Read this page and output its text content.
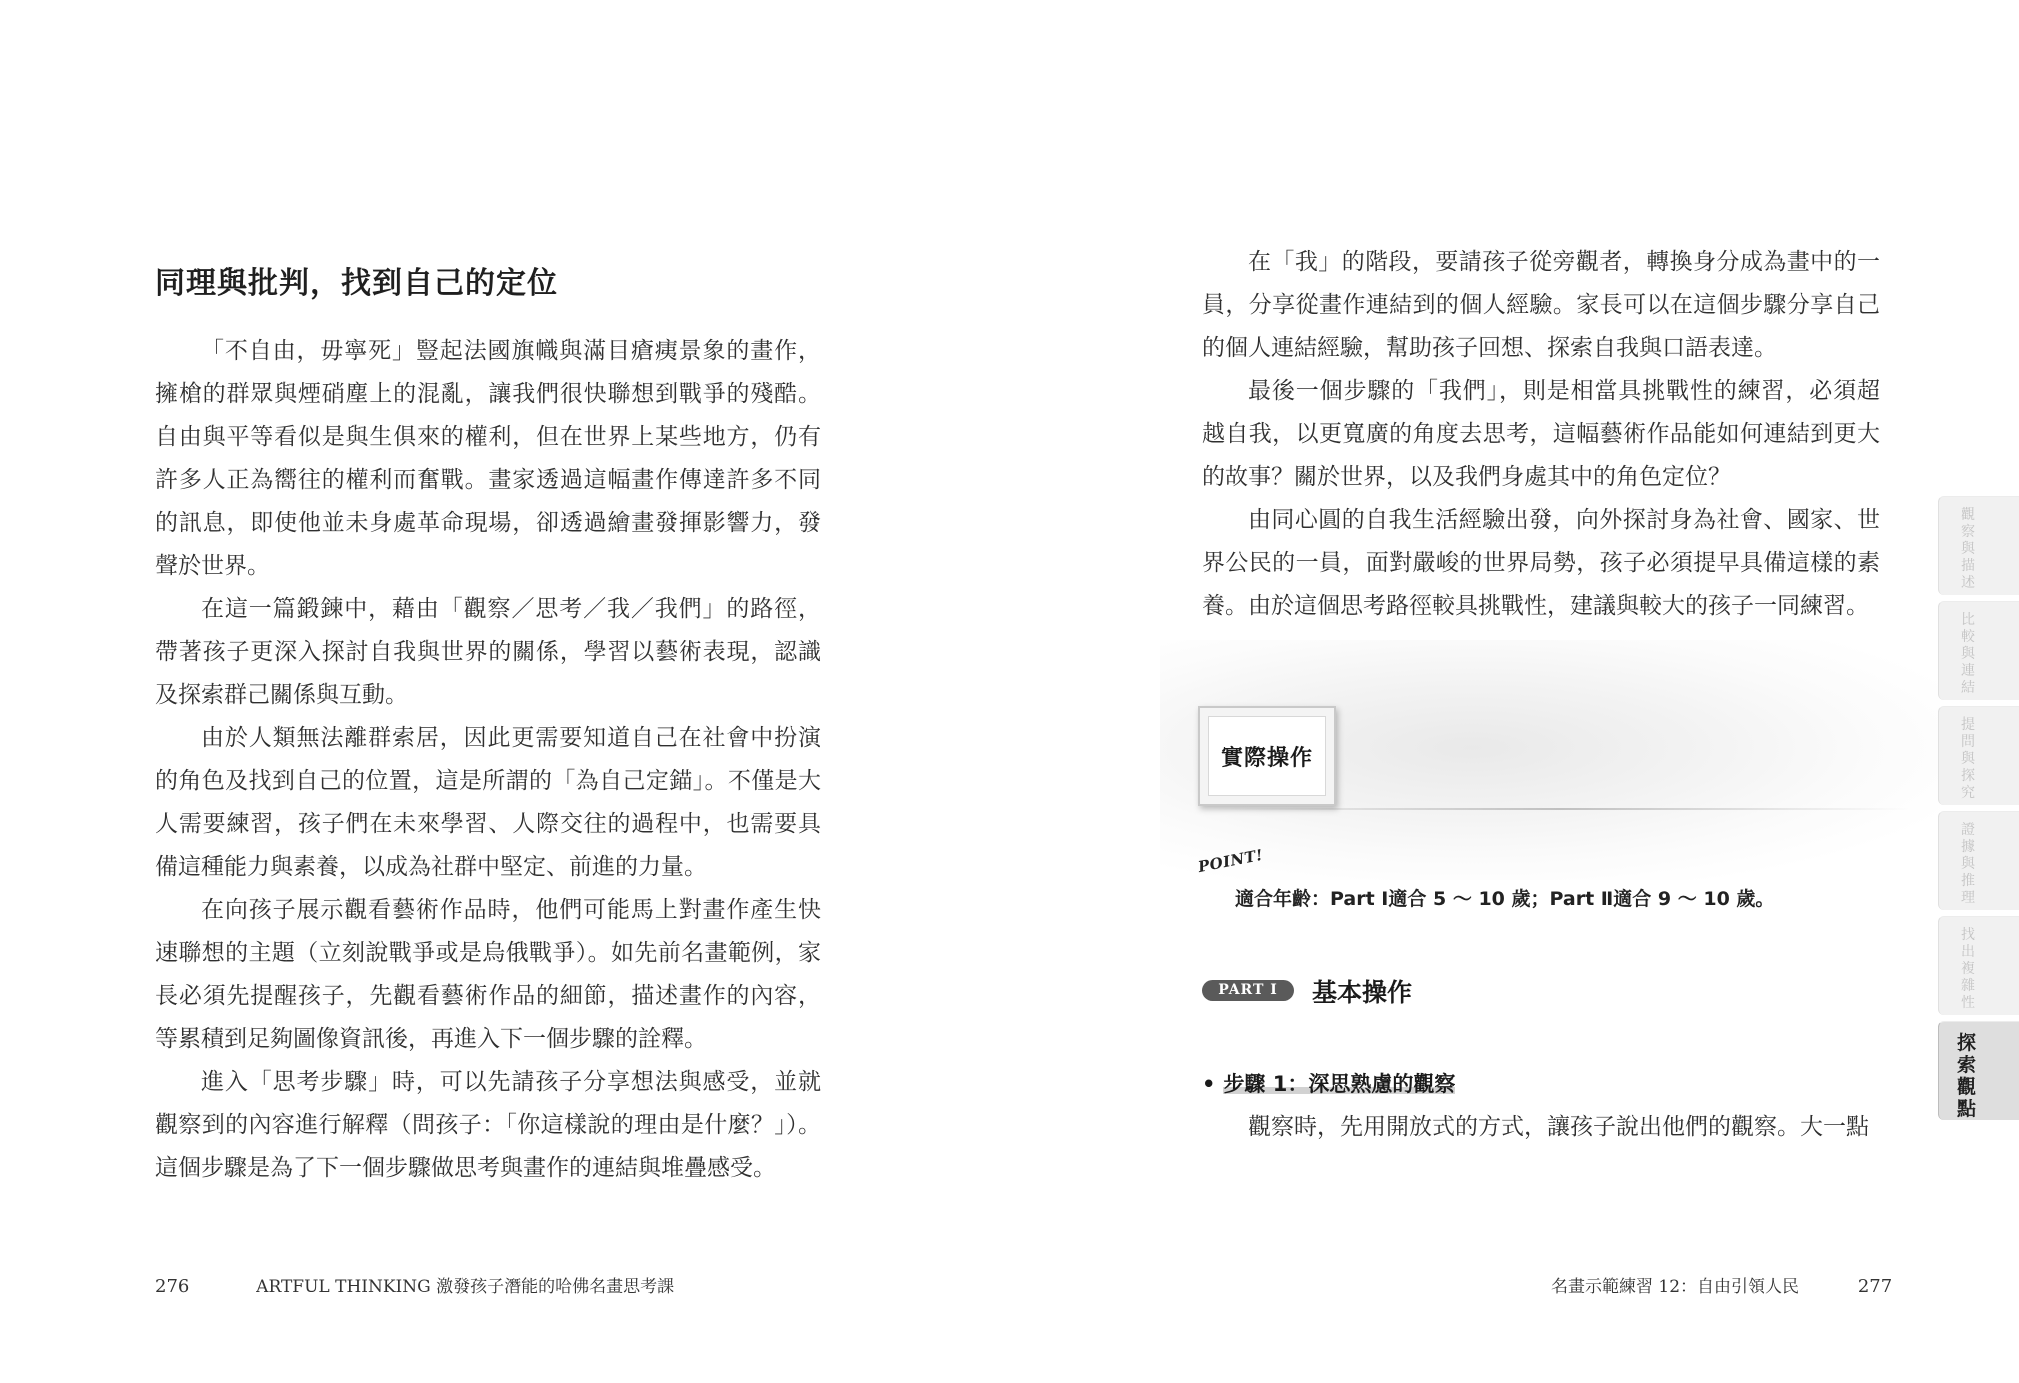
同理與批判，找到自己的定位

「不自由，毋寧死」豎起法國旗幟與滿目瘡痍景象的畫作，擁槍的群眾與煙硝塵上的混亂，讓我們很快聯想到戰爭的殘酷。自由與平等看似是與生俱來的權利，但在世界上某些地方，仍有許多人正為嚮往的權利而奮戰。畫家透過這幅畫作傳達許多不同的訊息，即使他並未身處革命現場，卻透過繪畫發揮影響力，發聲於世界。

在這一篇鍛鍊中，藉由「觀察／思考／我／我們」的路徑，帶著孩子更深入探討自我與世界的關係，學習以藝術表現，認識及探索群己關係與互動。

由於人類無法離群索居，因此更需要知道自己在社會中扮演的角色及找到自己的位置，這是所謂的「為自己定錨」。不僅是大人需要練習，孩子們在未來學習、人際交往的過程中，也需要具備這種能力與素養，以成為社群中堅定、前進的力量。

在向孩子展示觀看藝術作品時，他們可能馬上對畫作產生快速聯想的主題（立刻說戰爭或是烏俄戰爭）。如先前名畫範例，家長必須先提醒孩子，先觀看藝術作品的細節，描述畫作的內容，等累積到足夠圖像資訊後，再進入下一個步驟的詮釋。

進入「思考步驟」時，可以先請孩子分享想法與感受，並就觀察到的內容進行解釋（問孩子：「你這樣說的理由是什麼？」）。這個步驟是為了下一個步驟做思考與畫作的連結與堆疊感受。

276	ARTFUL THINKING 激發孩子潛能的哈佛名畫思考課

在「我」的階段，要請孩子從旁觀者，轉換身分成為畫中的一員，分享從畫作連結到的個人經驗。家長可以在這個步驟分享自己的個人連結經驗，幫助孩子回想、探索自我與口語表達。

最後一個步驟的「我們」，則是相當具挑戰性的練習，必須超越自我，以更寬廣的角度去思考，這幅藝術作品能如何連結到更大的故事？關於世界，以及我們身處其中的角色定位？

由同心圓的自我生活經驗出發，向外探討身為社會、國家、世界公民的一員，面對嚴峻的世界局勢，孩子必須提早具備這樣的素養。由於這個思考路徑較具挑戰性，建議與較大的孩子一同練習。

實際操作
POINT!
適合年齡：Part Ⅰ適合 5 ～ 10 歲；Part Ⅱ適合 9 ～ 10 歲。
PART I	基本操作
• 步驟 1：深思熟慮的觀察

觀察時，先用開放式的方式，讓孩子說出他們的觀察。大一點

名畫示範練習 12：自由引領人民	277
觀察與描述
比較與連結
提問與探究
證據與推理
找出複雜性
探索觀點
